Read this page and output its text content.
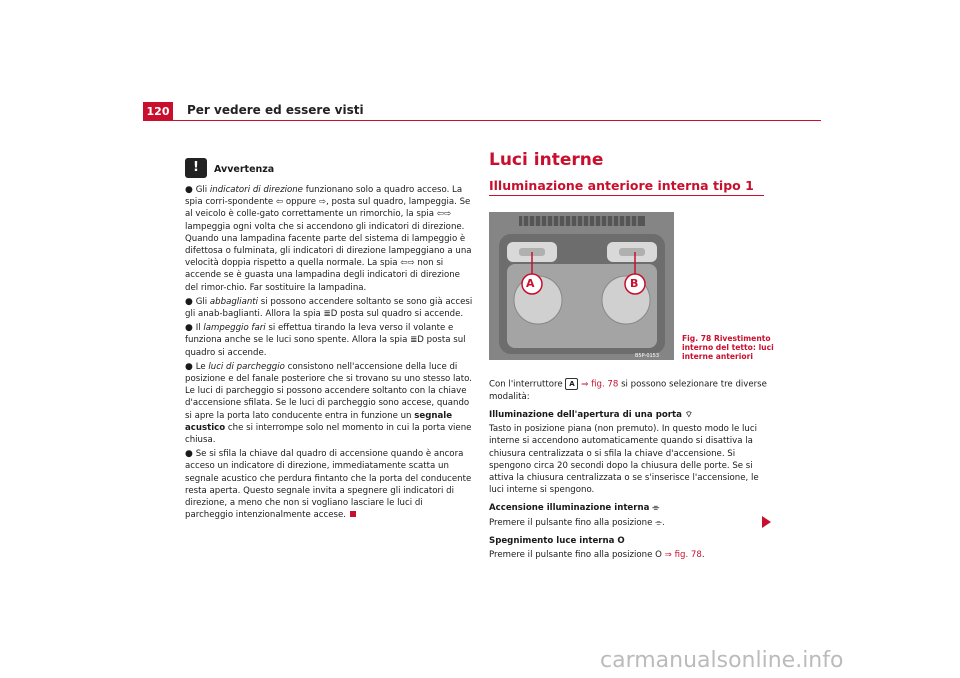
120 Per vedere ed essere visti
!	Avvertenza
● Gli indicatori di direzione funzionano solo a quadro acceso. La spia corri-spondente ⇦ oppure ⇨, posta sul quadro, lampeggia. Se al veicolo è colle-gato correttamente un rimorchio, la spia ⇦⇨ lampeggia ogni volta che si accendono gli indicatori di direzione. Quando una lampadina facente parte del sistema di lampeggio è difettosa o fulminata, gli indicatori di direzione lampeggiano a una velocità doppia rispetto a quella normale. La spia ⇦⇨ non si accende se è guasta una lampadina degli indicatori di direzione del rimor-chio. Far sostituire la lampadina.
● Gli abbaglianti si possono accendere soltanto se sono già accesi gli anab-baglianti. Allora la spia ≣D posta sul quadro si accende.
● Il lampeggio fari si effettua tirando la leva verso il volante e funziona anche se le luci sono spente. Allora la spia ≣D posta sul quadro si accende.
● Le luci di parcheggio consistono nell'accensione della luce di posizione e del fanale posteriore che si trovano su uno stesso lato. Le luci di parcheggio si possono accendere soltanto con la chiave d'accensione sfilata. Se le luci di parcheggio sono accese, quando si apre la porta lato conducente entra in funzione un segnale acustico che si interrompe solo nel momento in cui la porta viene chiusa.
● Se si sfila la chiave dal quadro di accensione quando è ancora acceso un indicatore di direzione, immediatamente scatta un segnale acustico che perdura fintanto che la porta del conducente resta aperta. Questo segnale invita a spegnere gli indicatori di direzione, a meno che non si vogliano lasciare le luci di parcheggio intenzionalmente accese.
Luci interne
Illuminazione anteriore interna tipo 1
A	B
B5P-0153
Fig. 78 Rivestimento interno del tetto: luci interne anteriori

Con l'interruttore A ⇒ fig. 78 si possono selezionare tre diverse modalità:

Illuminazione dell'apertura di una porta ⌔

Tasto in posizione piana (non premuto). In questo modo le luci interne si accendono automaticamente quando si disattiva la chiusura centralizzata o si sfila la chiave d'accensione. Si spengono circa 20 secondi dopo la chiusura delle porte. Se si attiva la chiusura centralizzata o se s'inserisce l'accensione, le luci interne si spengono.

Accensione illuminazione interna ⌯

Premere il pulsante fino alla posizione ⌯.

Spegnimento luce interna O

Premere il pulsante fino alla posizione O ⇒ fig. 78.

carmanualsonline.info
